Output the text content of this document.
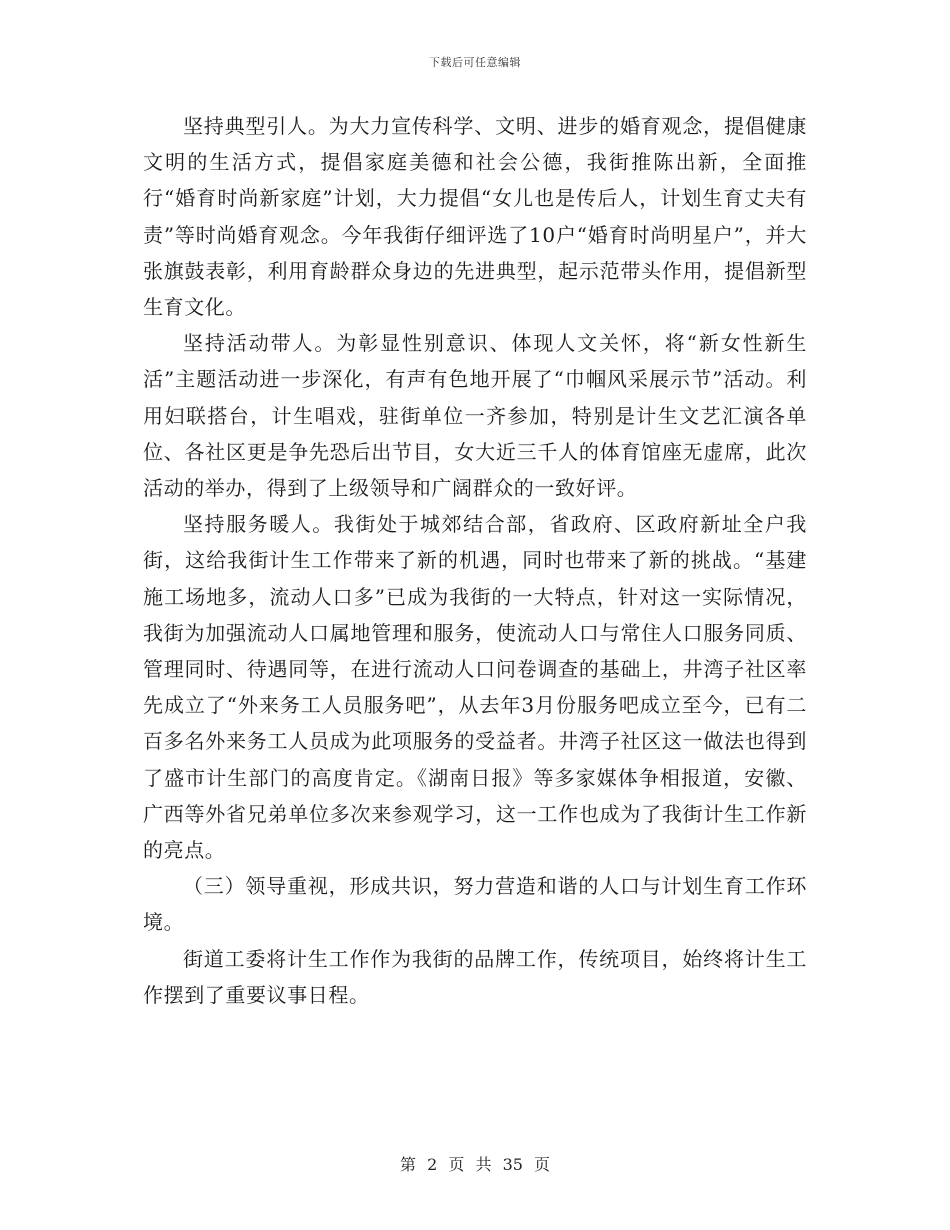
下载后可任意编辑

坚持典型引人。为大力宣传科学、文明、进步的婚育观念，提倡健康文明的生活方式，提倡家庭美德和社会公德，我街推陈出新，全面推行“婚育时尚新家庭”计划，大力提倡“女儿也是传后人，计划生育丈夫有责”等时尚婚育观念。今年我街仔细评选了10户“婚育时尚明星户”，并大张旗鼓表彰，利用育龄群众身边的先进典型，起示范带头作用，提倡新型生育文化。

坚持活动带人。为彰显性别意识、体现人文关怀，将“新女性新生活”主题活动进一步深化，有声有色地开展了“巾帼风采展示节”活动。利用妇联搭台，计生唱戏，驻街单位一齐参加，特别是计生文艺汇演各单位、各社区更是争先恐后出节目，女大近三千人的体育馆座无虚席，此次活动的举办，得到了上级领导和广阔群众的一致好评。

坚持服务暖人。我街处于城郊结合部，省政府、区政府新址全户我街，这给我街计生工作带来了新的机遇，同时也带来了新的挑战。“基建施工场地多，流动人口多”已成为我街的一大特点，针对这一实际情况，我街为加强流动人口属地管理和服务，使流动人口与常住人口服务同质、管理同时、待遇同等，在进行流动人口问卷调查的基础上，井湾子社区率先成立了“外来务工人员服务吧”，从去年3月份服务吧成立至今，已有二百多名外来务工人员成为此项服务的受益者。井湾子社区这一做法也得到了盛市计生部门的高度肯定。《湖南日报》等多家媒体争相报道，安徽、广西等外省兄弟单位多次来参观学习，这一工作也成为了我街计生工作新的亮点。

（三）领导重视，形成共识，努力营造和谐的人口与计划生育工作环境。

街道工委将计生工作作为我街的品牌工作，传统项目，始终将计生工作摆到了重要议事日程。

第 2 页 共 35 页
